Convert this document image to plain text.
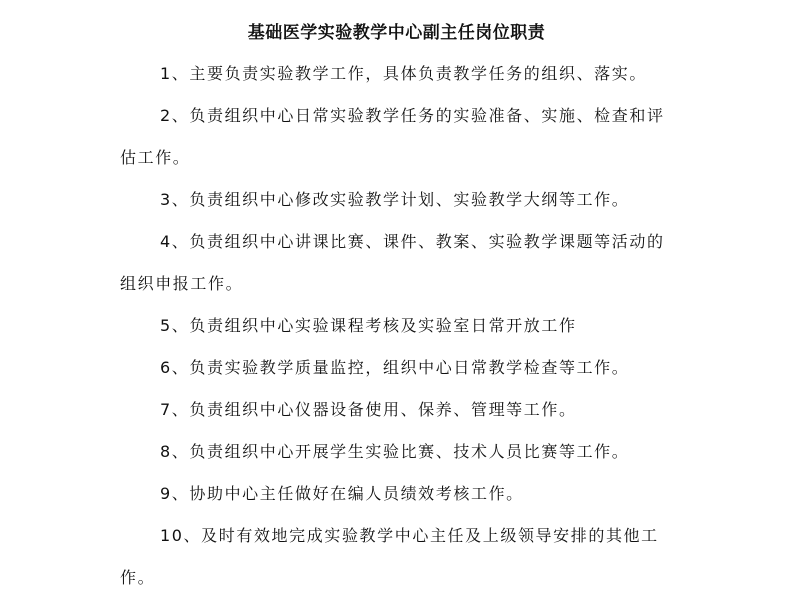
基础医学实验教学中心副主任岗位职责
1、主要负责实验教学工作，具体负责教学任务的组织、落实。
2、负责组织中心日常实验教学任务的实验准备、实施、检查和评估工作。
3、负责组织中心修改实验教学计划、实验教学大纲等工作。
4、负责组织中心讲课比赛、课件、教案、实验教学课题等活动的组织申报工作。
5、负责组织中心实验课程考核及实验室日常开放工作
6、负责实验教学质量监控，组织中心日常教学检查等工作。
7、负责组织中心仪器设备使用、保养、管理等工作。
8、负责组织中心开展学生实验比赛、技术人员比赛等工作。
9、协助中心主任做好在编人员绩效考核工作。
10、及时有效地完成实验教学中心主任及上级领导安排的其他工作。
